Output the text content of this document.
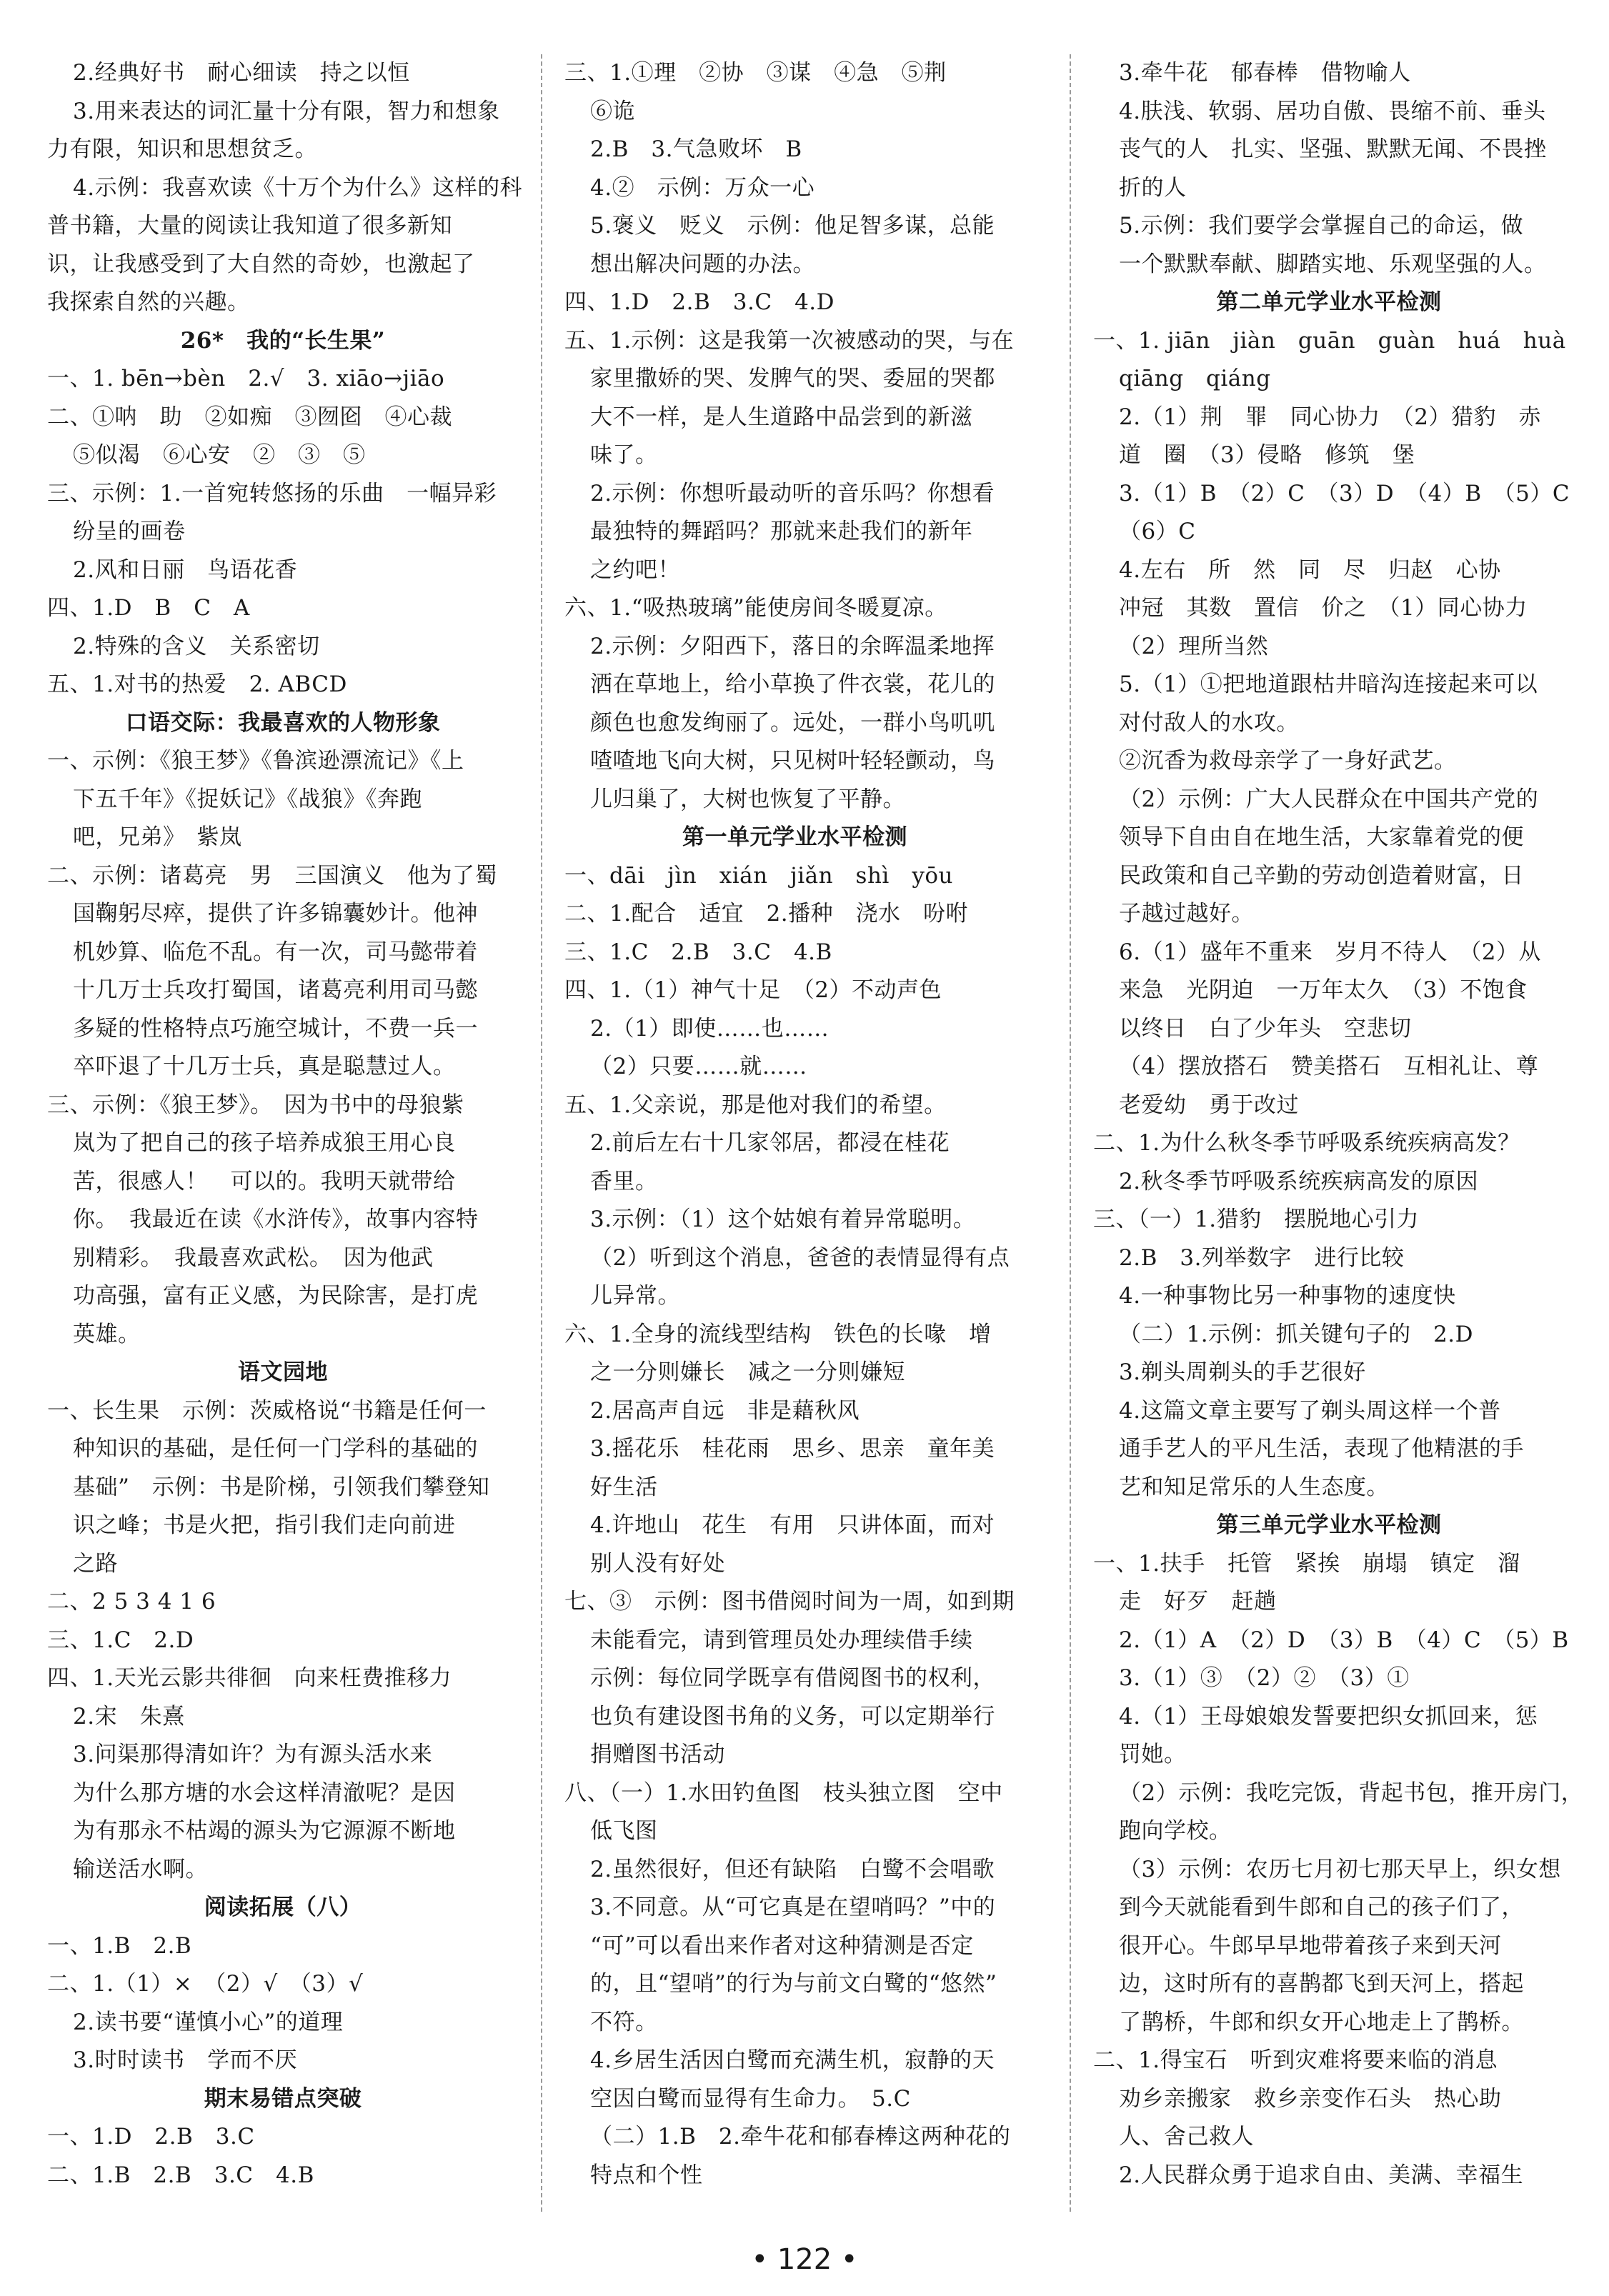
2.经典好书　耐心细读　持之以恒
3.用来表达的词汇量十分有限，智力和想象
力有限，知识和思想贫乏。
4.示例：我喜欢读《十万个为什么》这样的科
普书籍，大量的阅读让我知道了很多新知
识，让我感受到了大自然的奇妙，也激起了
我探索自然的兴趣。
26*　我的“长生果”
一、1. bēn→bèn　2.√　3. xiāo→jiāo
二、①呐　助　②如痴　③囫囵　④心裁
⑤似渴　⑥心安　②　③　⑤
三、示例：1.一首宛转悠扬的乐曲　一幅异彩
纷呈的画卷
2.风和日丽　鸟语花香
四、1.D　B　C　A
2.特殊的含义　关系密切
五、1.对书的热爱　2. ABCD
口语交际：我最喜欢的人物形象
一、示例：《狼王梦》《鲁滨逊漂流记》《上
下五千年》《捉妖记》《战狼》《奔跑
吧，兄弟》　紫岚
二、示例：诸葛亮　男　三国演义　他为了蜀
国鞠躬尽瘁，提供了许多锦囊妙计。他神
机妙算、临危不乱。有一次，司马懿带着
十几万士兵攻打蜀国，诸葛亮利用司马懿
多疑的性格特点巧施空城计，不费一兵一
卒吓退了十几万士兵，真是聪慧过人。
三、示例：《狼王梦》。　因为书中的母狼紫
岚为了把自己的孩子培养成狼王用心良
苦，很感人！　可以的。我明天就带给
你。　我最近在读《水浒传》，故事内容特
别精彩。　我最喜欢武松。　因为他武
功高强，富有正义感，为民除害，是打虎
英雄。
语文园地
一、长生果　示例：茨威格说“书籍是任何一
种知识的基础，是任何一门学科的基础的
基础”　示例：书是阶梯，引领我们攀登知
识之峰；书是火把，指引我们走向前进
之路
二、2 5 3 4 1 6
三、1.C　2.D
四、1.天光云影共徘徊　向来枉费推移力
2.宋　朱熹
3.问渠那得清如许？为有源头活水来
为什么那方塘的水会这样清澈呢？是因
为有那永不枯竭的源头为它源源不断地
输送活水啊。
阅读拓展（八）
一、1.B　2.B
二、1.（1）×　（2）√　（3）√
2.读书要“谨慎小心”的道理
3.时时读书　学而不厌
期末易错点突破
一、1.D　2.B　3.C
二、1.B　2.B　3.C　4.B
三、1.①理　②协　③谋　④急　⑤荆
⑥诡
2.B　3.气急败坏　B
4.②　示例：万众一心
5.褒义　贬义　示例：他足智多谋，总能
想出解决问题的办法。
四、1.D　2.B　3.C　4.D
五、1.示例：这是我第一次被感动的哭，与在
家里撒娇的哭、发脾气的哭、委屈的哭都
大不一样，是人生道路中品尝到的新滋
味了。
2.示例：你想听最动听的音乐吗？你想看
最独特的舞蹈吗？那就来赴我们的新年
之约吧！
六、1.“吸热玻璃”能使房间冬暖夏凉。
2.示例：夕阳西下，落日的余晖温柔地挥
洒在草地上，给小草换了件衣裳，花儿的
颜色也愈发绚丽了。远处，一群小鸟叽叽
喳喳地飞向大树，只见树叶轻轻颤动，鸟
儿归巢了，大树也恢复了平静。
第一单元学业水平检测
一、dāi　jìn　xián　jiǎn　shì　yōu
二、1.配合　适宜　2.播种　浇水　吩咐
三、1.C　2.B　3.C　4.B
四、1.（1）神气十足　（2）不动声色
2.（1）即使……也……
（2）只要……就……
五、1.父亲说，那是他对我们的希望。
2.前后左右十几家邻居，都浸在桂花
香里。
3.示例：（1）这个姑娘有着异常聪明。
（2）听到这个消息，爸爸的表情显得有点
儿异常。
六、1.全身的流线型结构　铁色的长喙　增
之一分则嫌长　减之一分则嫌短
2.居高声自远　非是藉秋风
3.摇花乐　桂花雨　思乡、思亲　童年美
好生活
4.许地山　花生　有用　只讲体面，而对
别人没有好处
七、③　示例：图书借阅时间为一周，如到期
未能看完，请到管理员处办理续借手续
示例：每位同学既享有借阅图书的权利，
也负有建设图书角的义务，可以定期举行
捐赠图书活动
八、（一）1.水田钓鱼图　枝头独立图　空中
低飞图
2.虽然很好，但还有缺陷　白鹭不会唱歌
3.不同意。从“可它真是在望哨吗？”中的
“可”可以看出来作者对这种猜测是否定
的，且“望哨”的行为与前文白鹭的“悠然”
不符。
4.乡居生活因白鹭而充满生机，寂静的天
空因白鹭而显得有生命力。　5.C
（二）1.B　2.牵牛花和郁春棒这两种花的
特点和个性
3.牵牛花　郁春棒　借物喻人
4.肤浅、软弱、居功自傲、畏缩不前、垂头
丧气的人　扎实、坚强、默默无闻、不畏挫
折的人
5.示例：我们要学会掌握自己的命运，做
一个默默奉献、脚踏实地、乐观坚强的人。
第二单元学业水平检测
一、1. jiān　jiàn　guān　guàn　huá　huà
qiāng　qiáng
2.（1）荆　罪　同心协力　（2）猎豹　赤
道　圈　（3）侵略　修筑　堡
3.（1）B　（2）C　（3）D　（4）B　（5）C
（6）C
4.左右　所　然　同　尽　归赵　心协
冲冠　其数　置信　价之　（1）同心协力
（2）理所当然
5.（1）①把地道跟枯井暗沟连接起来可以
对付敌人的水攻。
②沉香为救母亲学了一身好武艺。
（2）示例：广大人民群众在中国共产党的
领导下自由自在地生活，大家靠着党的便
民政策和自己辛勤的劳动创造着财富，日
子越过越好。
6.（1）盛年不重来　岁月不待人　（2）从
来急　光阴迫　一万年太久　（3）不饱食
以终日　白了少年头　空悲切
（4）摆放搭石　赞美搭石　互相礼让、尊
老爱幼　勇于改过
二、1.为什么秋冬季节呼吸系统疾病高发？
2.秋冬季节呼吸系统疾病高发的原因
三、（一）1.猎豹　摆脱地心引力
2.B　3.列举数字　进行比较
4.一种事物比另一种事物的速度快
（二）1.示例：抓关键句子的　2.D
3.剃头周剃头的手艺很好
4.这篇文章主要写了剃头周这样一个普
通手艺人的平凡生活，表现了他精湛的手
艺和知足常乐的人生态度。
第三单元学业水平检测
一、1.扶手　托管　紧挨　崩塌　镇定　溜
走　好歹　赶趟
2.（1）A　（2）D　（3）B　（4）C　（5）B
3.（1）③　（2）②　（3）①
4.（1）王母娘娘发誓要把织女抓回来，惩
罚她。
（2）示例：我吃完饭，背起书包，推开房门，
跑向学校。
（3）示例：农历七月初七那天早上，织女想
到今天就能看到牛郎和自己的孩子们了，
很开心。牛郎早早地带着孩子来到天河
边，这时所有的喜鹊都飞到天河上，搭起
了鹊桥，牛郎和织女开心地走上了鹊桥。
二、1.得宝石　听到灾难将要来临的消息
劝乡亲搬家　救乡亲变作石头　热心助
人、舍己救人
2.人民群众勇于追求自由、美满、幸福生
• 122 •
